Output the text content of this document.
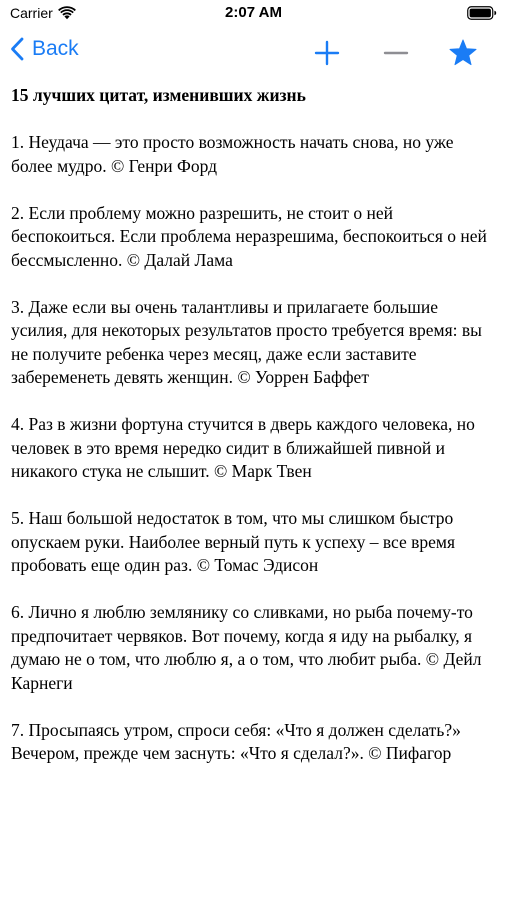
Carrier	2:07 AM
Back

15 лучших цитат, изменивших жизнь

1. Неудача — это просто возможность начать снова, но уже более мудро. © Генри Форд

2. Если проблему можно разрешить, не стоит о ней беспокоиться. Если проблема неразрешима, беспокоиться о ней бессмысленно. © Далай Лама

3. Даже если вы очень талантливы и прилагаете большие усилия, для некоторых результатов просто требуется время: вы не получите ребенка через месяц, даже если заставите забеременеть девять женщин. © Уоррен Баффет

4. Раз в жизни фортуна стучится в дверь каждого человека, но человек в это время нередко сидит в ближайшей пивной и никакого стука не слышит. © Марк Твен

5. Наш большой недостаток в том, что мы слишком быстро опускаем руки. Наиболее верный путь к успеху – все время пробовать еще один раз. © Томас Эдисон

6. Лично я люблю землянику со сливками, но рыба почему-то предпочитает червяков. Вот почему, когда я иду на рыбалку, я думаю не о том, что люблю я, а о том, что любит рыба. © Дейл Карнеги

7. Просыпаясь утром, спроси себя: «Что я должен сделать?» Вечером, прежде чем заснуть: «Что я сделал?». © Пифагор
